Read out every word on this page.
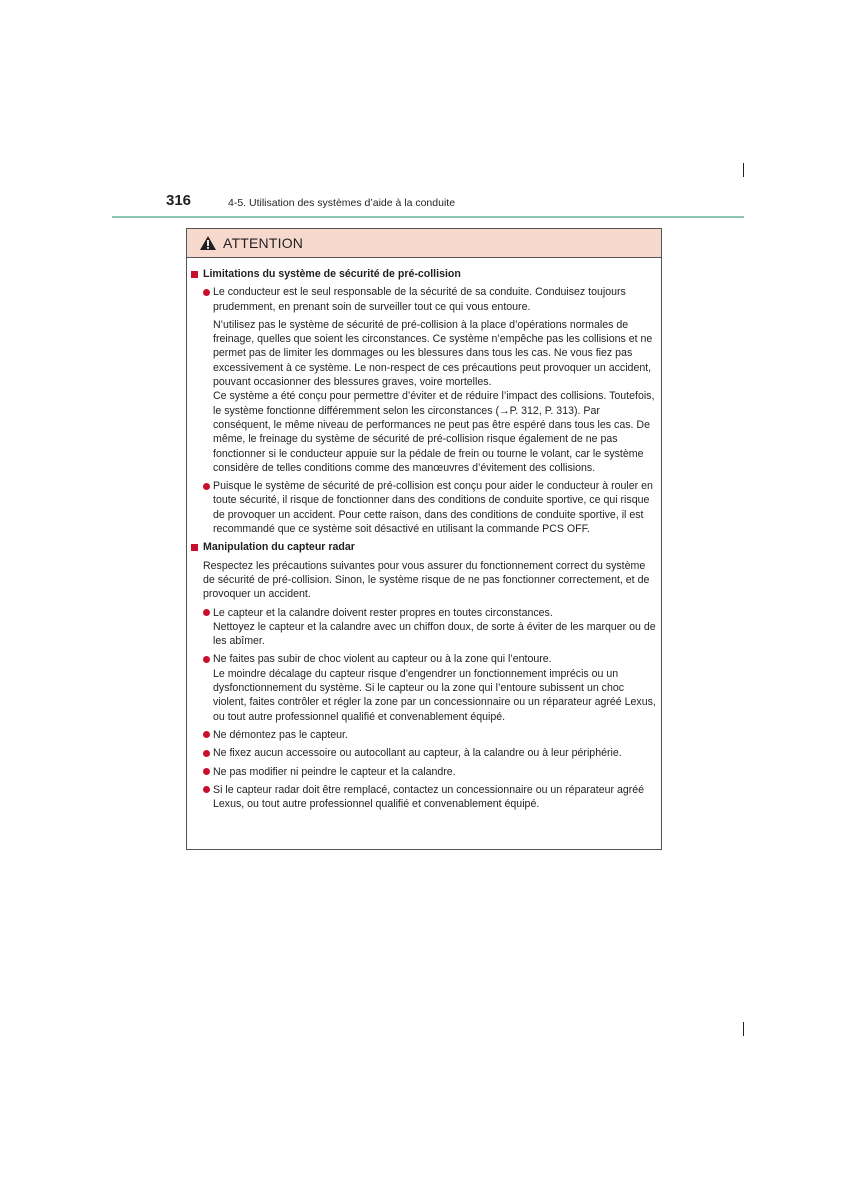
316	4-5. Utilisation des systèmes d’aide à la conduite
ATTENTION
Limitations du système de sécurité de pré-collision
Le conducteur est le seul responsable de la sécurité de sa conduite. Conduisez toujours prudemment, en prenant soin de surveiller tout ce qui vous entoure.
N’utilisez pas le système de sécurité de pré-collision à la place d’opérations normales de freinage, quelles que soient les circonstances. Ce système n’empêche pas les collisions et ne permet pas de limiter les dommages ou les blessures dans tous les cas. Ne vous fiez pas excessivement à ce système. Le non-respect de ces précautions peut provoquer un accident, pouvant occasionner des blessures graves, voire mortelles.
Ce système a été conçu pour permettre d’éviter et de réduire l’impact des collisions. Toutefois, le système fonctionne différemment selon les circonstances (→P. 312, P. 313). Par conséquent, le même niveau de performances ne peut pas être espéré dans tous les cas. De même, le freinage du système de sécurité de pré-collision risque également de ne pas fonctionner si le conducteur appuie sur la pédale de frein ou tourne le volant, car le système considère de telles conditions comme des manœuvres d’évitement des collisions.
Puisque le système de sécurité de pré-collision est conçu pour aider le conducteur à rouler en toute sécurité, il risque de fonctionner dans des conditions de conduite sportive, ce qui risque de provoquer un accident. Pour cette raison, dans des conditions de conduite sportive, il est recommandé que ce système soit désactivé en utilisant la commande PCS OFF.
Manipulation du capteur radar
Respectez les précautions suivantes pour vous assurer du fonctionnement correct du système de sécurité de pré-collision. Sinon, le système risque de ne pas fonctionner correctement, et de provoquer un accident.
Le capteur et la calandre doivent rester propres en toutes circonstances.
Nettoyez le capteur et la calandre avec un chiffon doux, de sorte à éviter de les marquer ou de les abîmer.
Ne faites pas subir de choc violent au capteur ou à la zone qui l’entoure.
Le moindre décalage du capteur risque d’engendrer un fonctionnement imprécis ou un dysfonctionnement du système. Si le capteur ou la zone qui l’entoure subissent un choc violent, faites contrôler et régler la zone par un concessionnaire ou un réparateur agréé Lexus, ou tout autre professionnel qualifié et convenablement équipé.
Ne démontez pas le capteur.
Ne fixez aucun accessoire ou autocollant au capteur, à la calandre ou à leur périphérie.
Ne pas modifier ni peindre le capteur et la calandre.
Si le capteur radar doit être remplacé, contactez un concessionnaire ou un réparateur agréé Lexus, ou tout autre professionnel qualifié et convenablement équipé.
